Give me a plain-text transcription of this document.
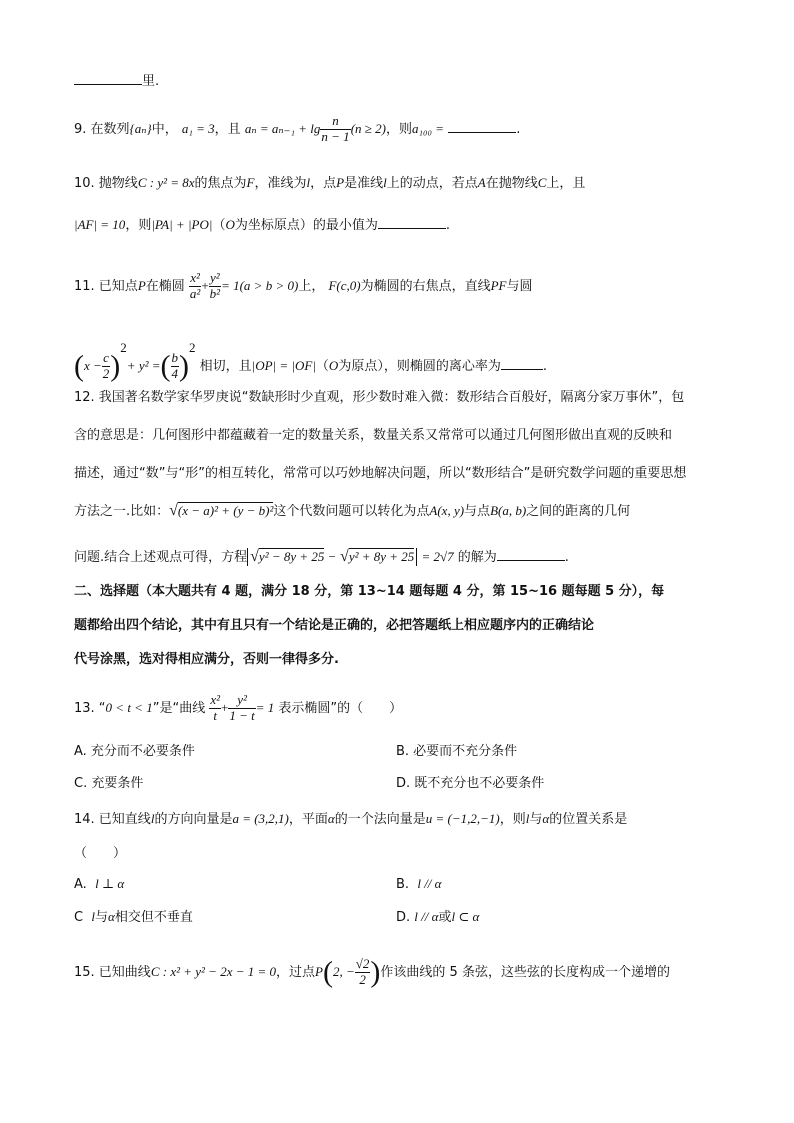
里.
9. 在数列{aₙ}中， a₁ = 3，且 $a_n = a_{n-1} + \lg \frac{n}{n - 1} (n \ge 2)$，则a₁₀₀ =	.
10. 抛物线C : y² = 8x的焦点为F，准线为l，点P是准线l上的动点，若点A在抛物线C上，且
|AF| = 10，则|PA| + |PO|（O为坐标原点）的最小值为	.
11. 已知点P在椭圆 $\frac{\text{x²}}{\text{a²}} + \frac{\text{y²}}{\text{b²}} = 1(a > b > 0)$上， F(c,0)为椭圆的右焦点，直线PF与圆
$(x - \frac{c}{2} )^2+ y^2$ =( $\frac{b}{4} )^2$ 相切，且|OP| = |OF|（O为原点），则椭圆的离心率为	.
12. 我国著名数学家华罗庚说“数缺形时少直观，形少数时难入微：数形结合百般好，隔离分家万事休”，包
含的意思是：几何图形中都蕴藏着一定的数量关系，数量关系又常常可以通过几何图形做出直观的反映和
描述，通过“数”与“形”的相互转化，常常可以巧妙地解决问题，所以“数形结合”是研究数学问题的重要思想
方法之一.比如：√(x − a)² + (y − b)²这个代数问题可以转化为点A(x, y)与点B(a, b)之间的距离的几何
问题.结合上述观点可得，方程 √y² − 8y + 25 − √y² + 8y + 25 = 2√7 的解为	.
二、选择题（本大题共有 4 题，满分 18 分，第 13~14 题每题 4 分，第 15~16 题每题 5 分），每
题都给出四个结论，其中有且只有一个结论是正确的，必把答题纸上相应题序内的正确结论
代号涂黑，选对得相应满分，否则一律得多分.
13. “0 < t < 1”是“曲线 $\frac{\text{x²}}{t} + \frac{\text{y²}}{1 - t} = 1$ 表示椭圆”的（　　）
A. 充分而不必要条件	B. 必要而不充分条件
C. 充要条件	D. 既不充分也不必要条件
14. 已知直线l的方向向量是a = (3,2,1)，平面α的一个法向量是u = (−1,2,−1)，则l与α的位置关系是
（　　）
A. l ⊥ α	B. l // α
C l与α相交但不垂直	D. l // α或l ⊂ α
15. 已知曲线C : x² + y² − 2x − 1 = 0，过点P(2, − $\frac{√2}{2}$ )作该曲线的 5 条弦，这些弦的长度构成一个递增的
